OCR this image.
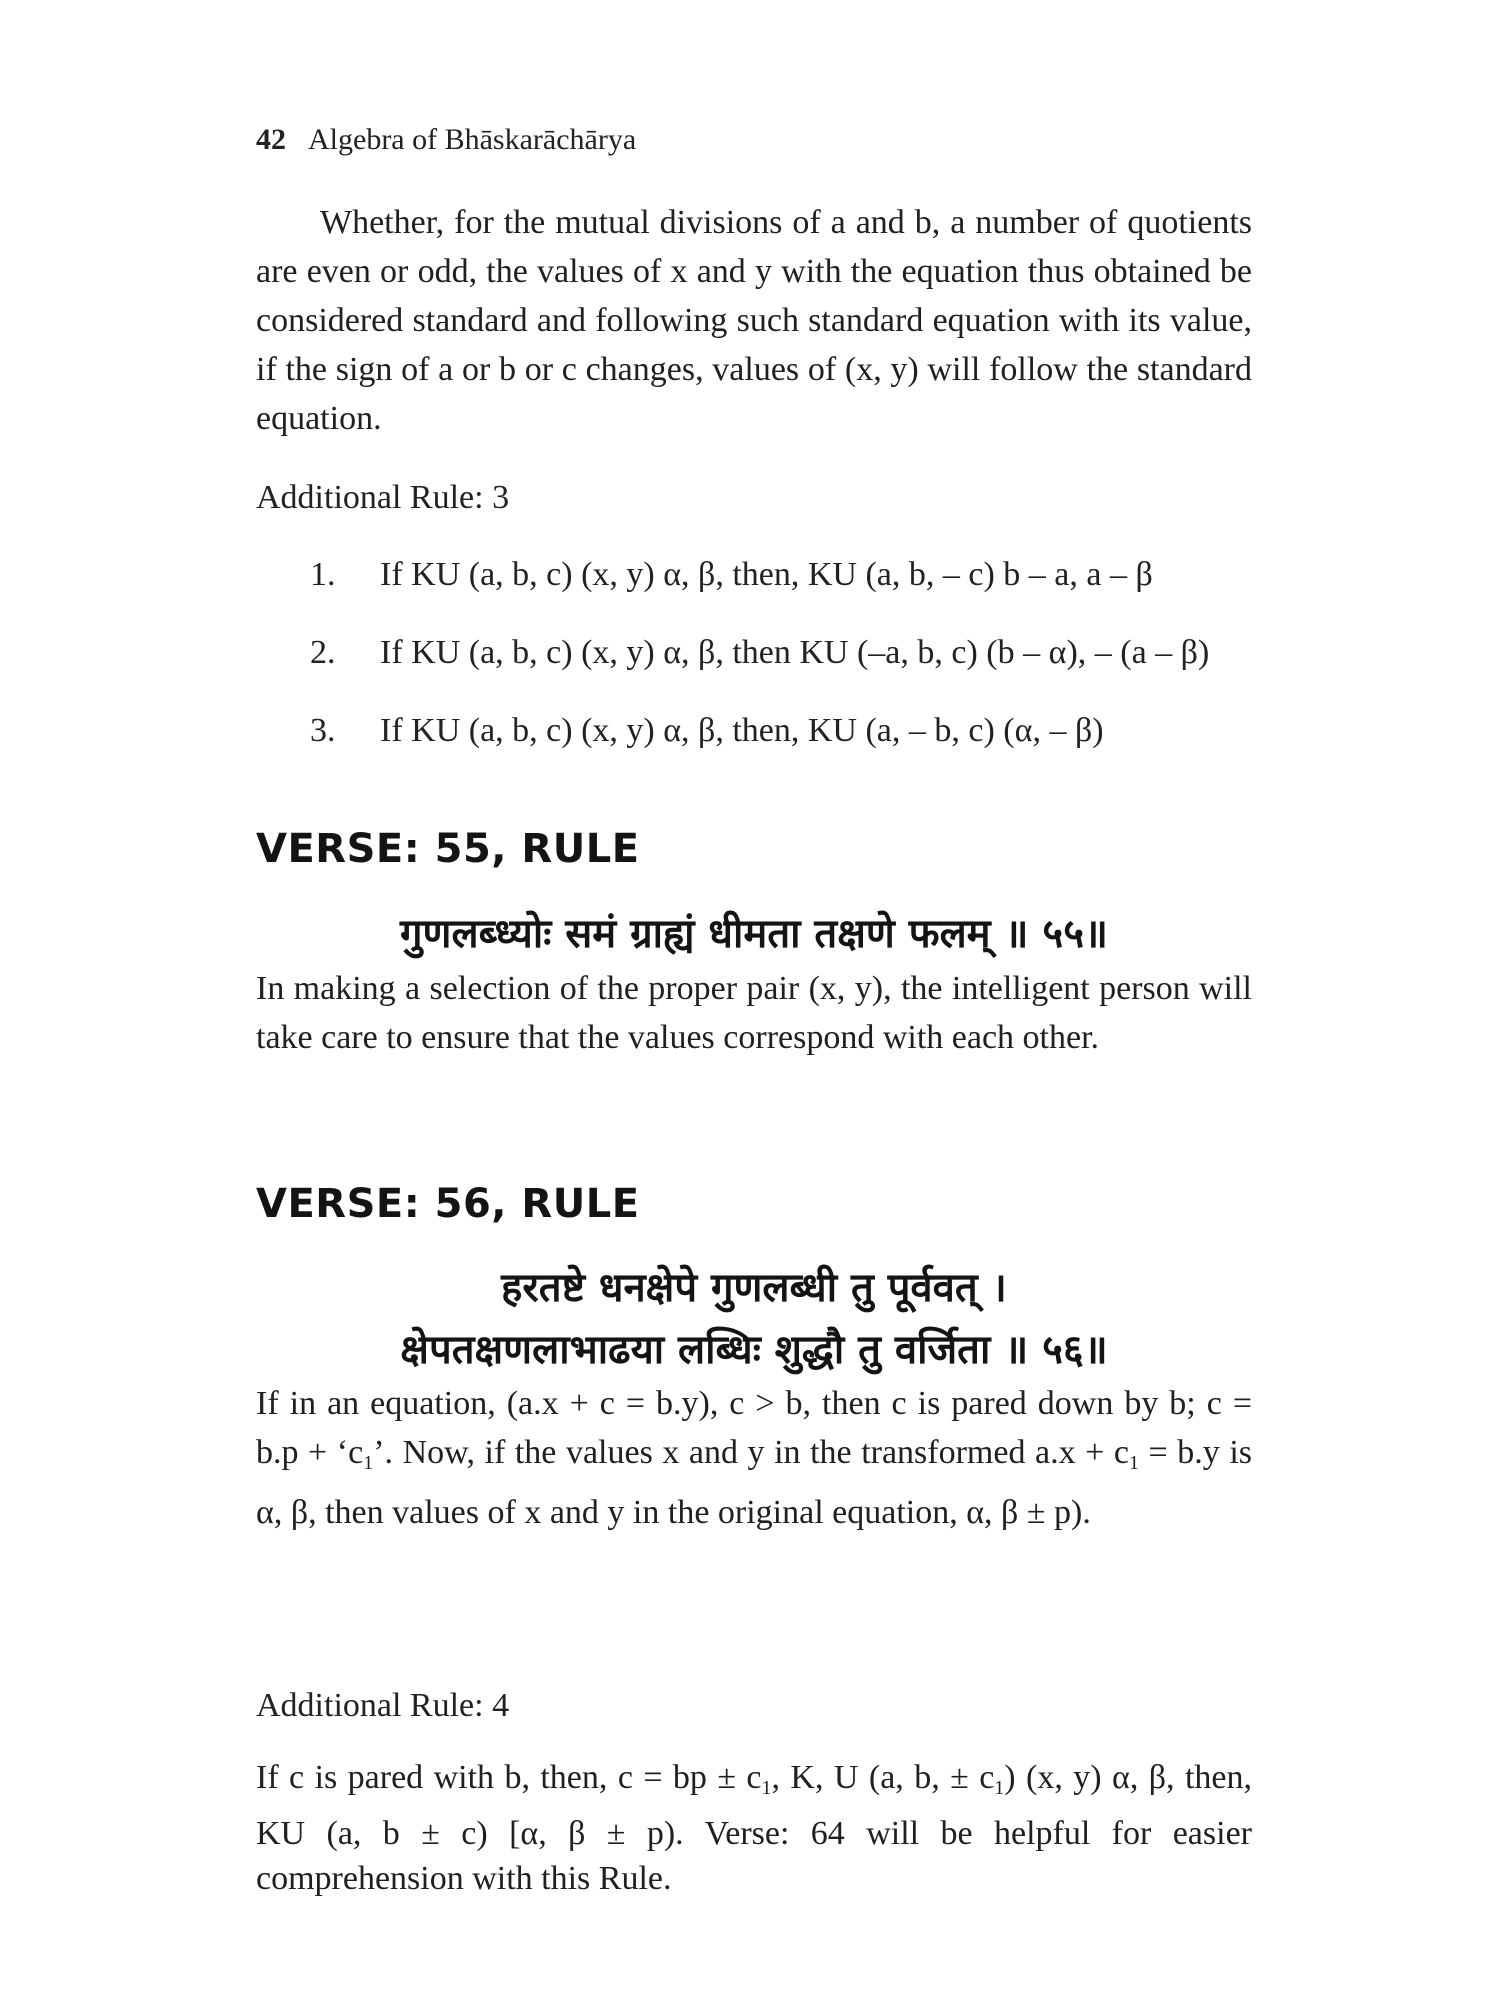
42 Algebra of Bhāskarāchārya

Whether, for the mutual divisions of a and b, a number of quotients are even or odd, the values of x and y with the equation thus obtained be considered standard and following such standard equation with its value, if the sign of a or b or c changes, values of (x, y) will follow the standard equation.

Additional Rule: 3
1.	If KU (a, b, c) (x, y) α, β, then, KU (a, b, – c) b – a, a – β
2.	If KU (a, b, c) (x, y) α, β, then KU (–a, b, c) (b – α), – (a – β)
3.	If KU (a, b, c) (x, y) α, β, then, KU (a, – b, c) (α, – β)
VERSE: 55, RULE
गुणलब्ध्योः समं ग्राह्यं धीमता तक्षणे फलम् ॥ ५५॥

In making a selection of the proper pair (x, y), the intelligent person will take care to ensure that the values correspond with each other.

VERSE: 56, RULE
हरतष्टे धनक्षेपे गुणलब्धी तु पूर्ववत् ।
क्षेपतक्षणलाभाढया लब्धिः शुद्धौ तु वर्जिता ॥ ५६॥

If in an equation, (a.x + c = b.y), c > b, then c is pared down by b; $c = b.p + ‘c_1$’. Now, if the values x and y in the transformed $a.x + c_1 = b.y$ is α, β, then values of x and y in the original equation, α, β ± p).

Additional Rule: 4

If c is pared with b, then, c = bp ± $c_1$, K, U (a, b, ± $c_1$) (x, y) α, β, then, KU (a, b ± c) [α, β ± p). Verse: 64 will be helpful for easier comprehension with this Rule.
